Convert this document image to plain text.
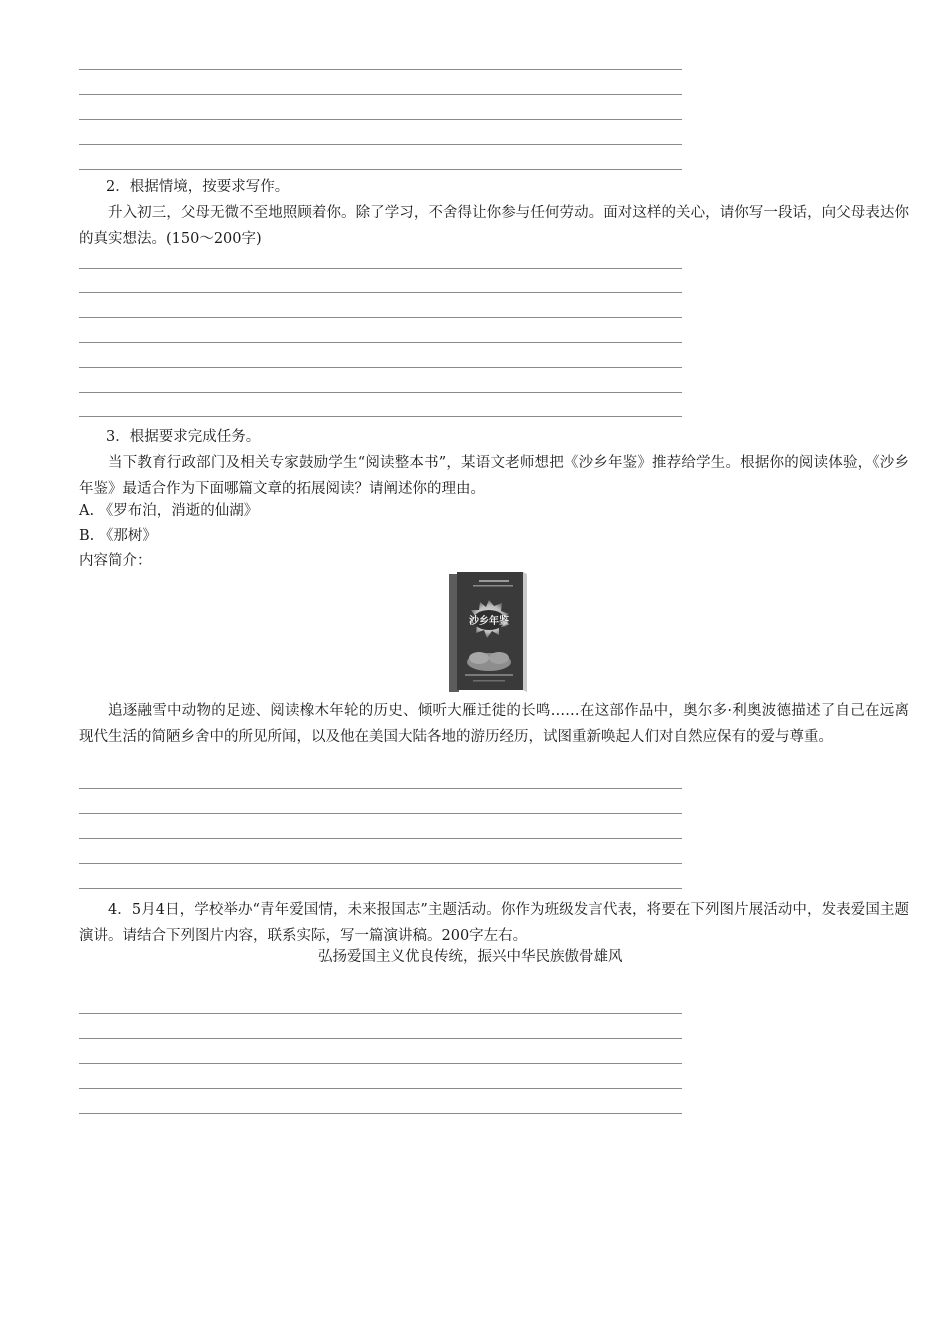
2．根据情境，按要求写作。
升入初三，父母无微不至地照顾着你。除了学习，不舍得让你参与任何劳动。面对这样的关心，请你写一段话，向父母表达你的真实想法。(150～200字)
3．根据要求完成任务。
当下教育行政部门及相关专家鼓励学生“阅读整本书”，某语文老师想把《沙乡年鉴》推荐给学生。根据你的阅读体验，《沙乡年鉴》最适合作为下面哪篇文章的拓展阅读？请阐述你的理由。
A. 《罗布泊，消逝的仙湖》
B. 《那树》
内容简介：
沙乡年鉴
追逐融雪中动物的足迹、阅读橡木年轮的历史、倾听大雁迁徙的长鸣……在这部作品中，奥尔多·利奥波德描述了自己在远离现代生活的简陋乡舍中的所见所闻，以及他在美国大陆各地的游历经历，试图重新唤起人们对自然应保有的爱与尊重。
4．5月4日，学校举办“青年爱国情，未来报国志”主题活动。你作为班级发言代表，将要在下列图片展活动中，发表爱国主题演讲。请结合下列图片内容，联系实际，写一篇演讲稿。200字左右。
弘扬爱国主义优良传统，振兴中华民族傲骨雄风
